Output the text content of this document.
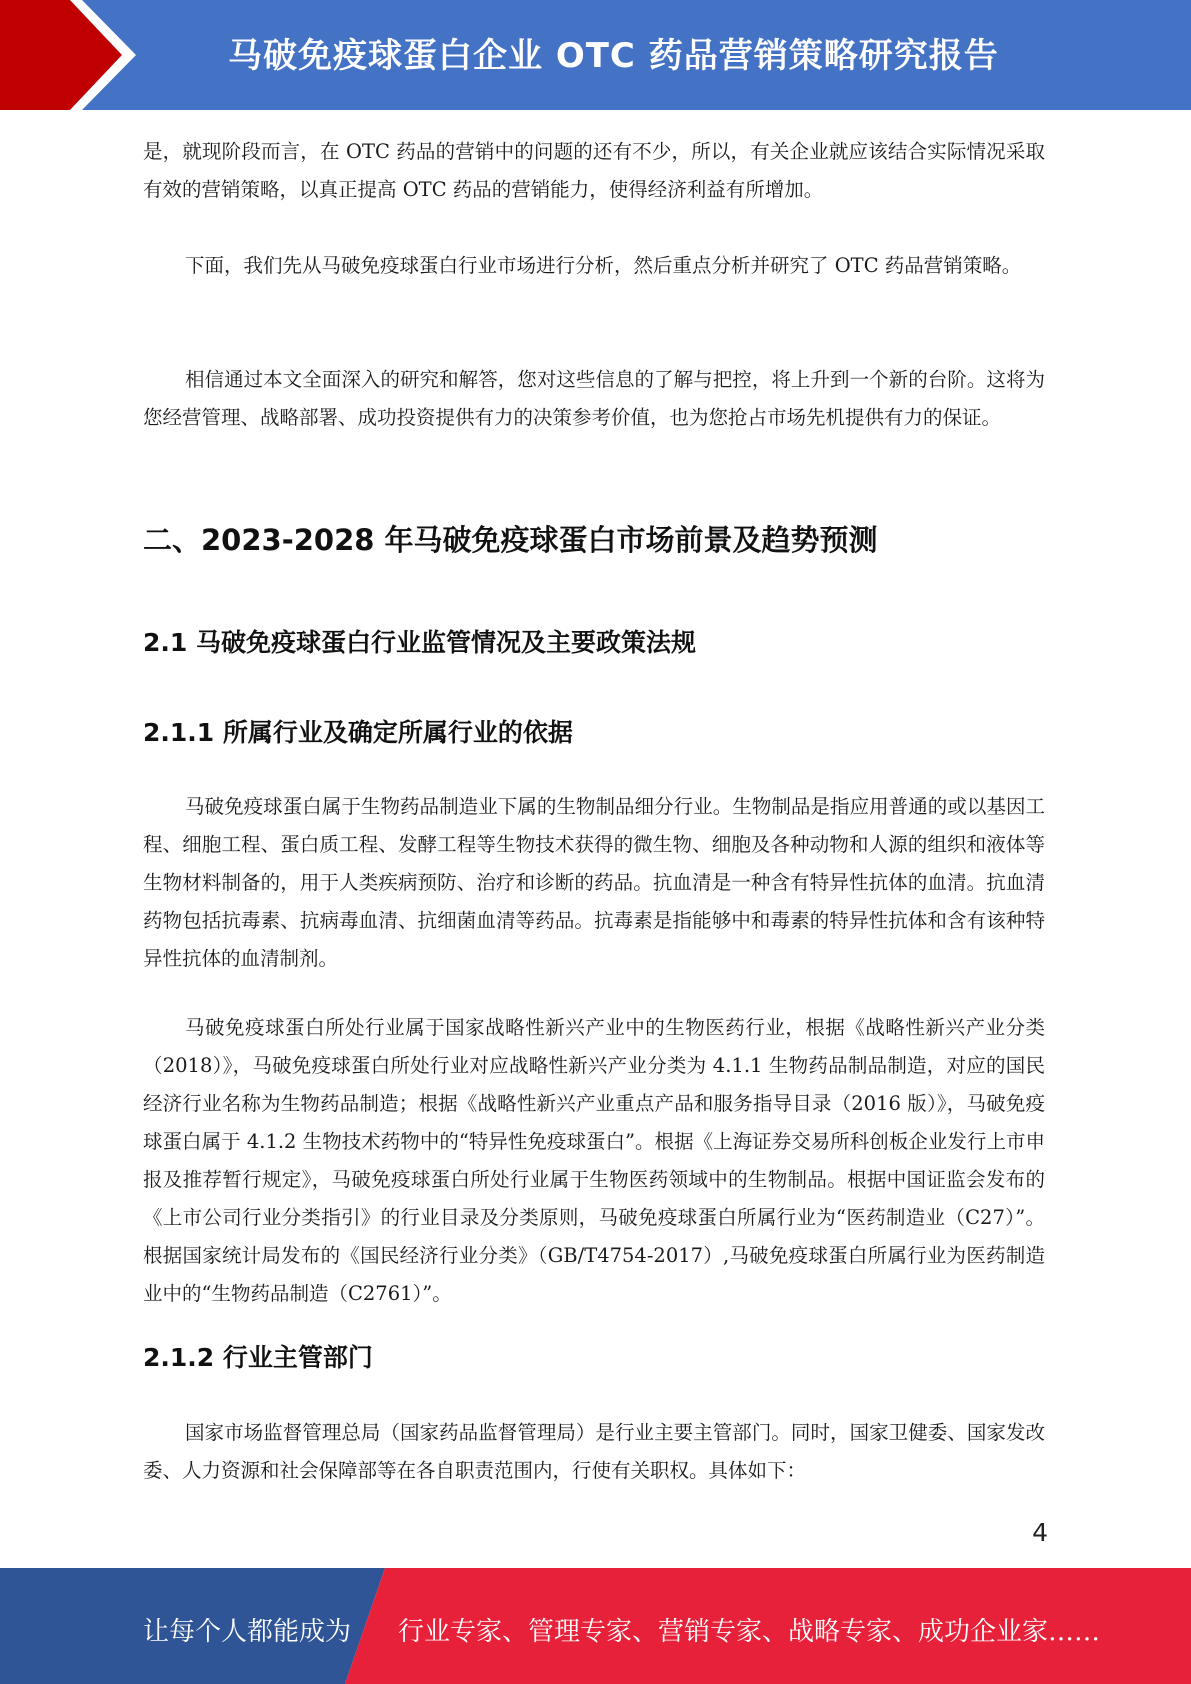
马破免疫球蛋白企业 OTC 药品营销策略研究报告

是，就现阶段而言，在 OTC 药品的营销中的问题的还有不少，所以，有关企业就应该结合实际情况采取有效的营销策略，以真正提高 OTC 药品的营销能力，使得经济利益有所增加。

下面，我们先从马破免疫球蛋白行业市场进行分析，然后重点分析并研究了 OTC 药品营销策略。

相信通过本文全面深入的研究和解答，您对这些信息的了解与把控，将上升到一个新的台阶。这将为您经营管理、战略部署、成功投资提供有力的决策参考价值，也为您抢占市场先机提供有力的保证。

二、2023-2028 年马破免疫球蛋白市场前景及趋势预测
2.1 马破免疫球蛋白行业监管情况及主要政策法规
2.1.1 所属行业及确定所属行业的依据

马破免疫球蛋白属于生物药品制造业下属的生物制品细分行业。生物制品是指应用普通的或以基因工程、细胞工程、蛋白质工程、发酵工程等生物技术获得的微生物、细胞及各种动物和人源的组织和液体等生物材料制备的，用于人类疾病预防、治疗和诊断的药品。抗血清是一种含有特异性抗体的血清。抗血清药物包括抗毒素、抗病毒血清、抗细菌血清等药品。抗毒素是指能够中和毒素的特异性抗体和含有该种特异性抗体的血清制剂。

马破免疫球蛋白所处行业属于国家战略性新兴产业中的生物医药行业，根据《战略性新兴产业分类（2018）》，马破免疫球蛋白所处行业对应战略性新兴产业分类为 4.1.1 生物药品制品制造，对应的国民经济行业名称为生物药品制造；根据《战略性新兴产业重点产品和服务指导目录（2016 版）》，马破免疫球蛋白属于 4.1.2 生物技术药物中的“特异性免疫球蛋白”。根据《上海证券交易所科创板企业发行上市申报及推荐暂行规定》，马破免疫球蛋白所处行业属于生物医药领域中的生物制品。根据中国证监会发布的《上市公司行业分类指引》的行业目录及分类原则，马破免疫球蛋白所属行业为“医药制造业（C27）”。根据国家统计局发布的《国民经济行业分类》（GB/T4754-2017）,马破免疫球蛋白所属行业为医药制造业中的“生物药品制造（C2761）”。

2.1.2 行业主管部门

国家市场监督管理总局（国家药品监督管理局）是行业主要主管部门。同时，国家卫健委、国家发改委、人力资源和社会保障部等在各自职责范围内，行使有关职权。具体如下：

4
让每个人都能成为 行业专家、管理专家、营销专家、战略专家、成功企业家……
